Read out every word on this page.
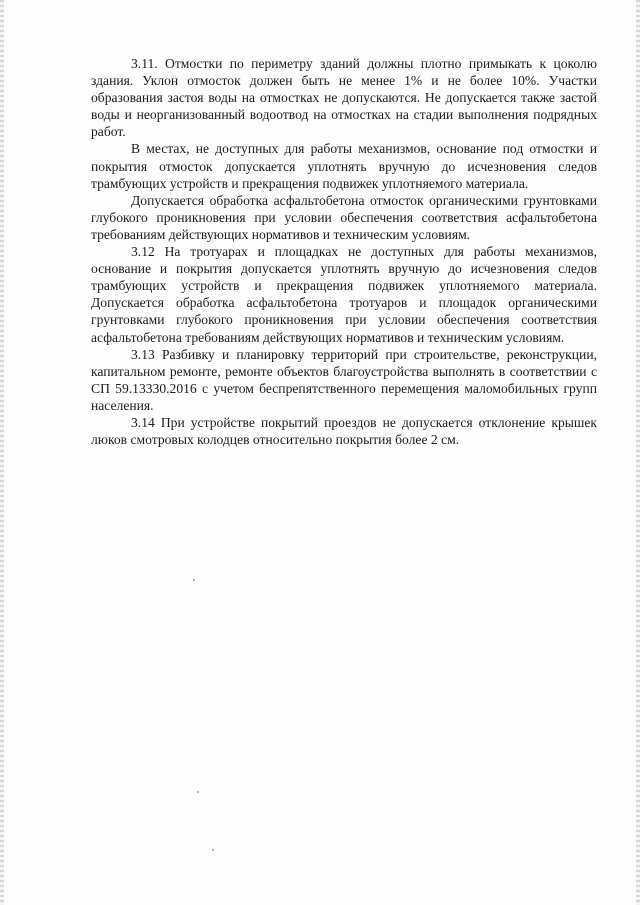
3.11. Отмостки по периметру зданий должны плотно примыкать к цоколю здания. Уклон отмосток должен быть не менее 1% и не более 10%. Участки образования застоя воды на отмостках не допускаются. Не допускается также застой воды и неорганизованный водоотвод на отмостках на стадии выполнения подрядных работ.

В местах, не доступных для работы механизмов, основание под отмостки и покрытия отмосток допускается уплотнять вручную до исчезновения следов трамбующих устройств и прекращения подвижек уплотняемого материала.

Допускается обработка асфальтобетона отмосток органическими грунтовками глубокого проникновения при условии обеспечения соответствия асфальтобетона требованиям действующих нормативов и техническим условиям.

3.12 На тротуарах и площадках не доступных для работы механизмов, основание и покрытия допускается уплотнять вручную до исчезновения следов трамбующих устройств и прекращения подвижек уплотняемого материала. Допускается обработка асфальтобетона тротуаров и площадок органическими грунтовками глубокого проникновения при условии обеспечения соответствия асфальтобетона требованиям действующих нормативов и техническим условиям.

3.13 Разбивку и планировку территорий при строительстве, реконструкции, капитальном ремонте, ремонте объектов благоустройства выполнять в соответствии с СП 59.13330.2016 с учетом беспрепятственного перемещения маломобильных групп населения.

3.14 При устройстве покрытий проездов не допускается отклонение крышек люков смотровых колодцев относительно покрытия более 2 см.
